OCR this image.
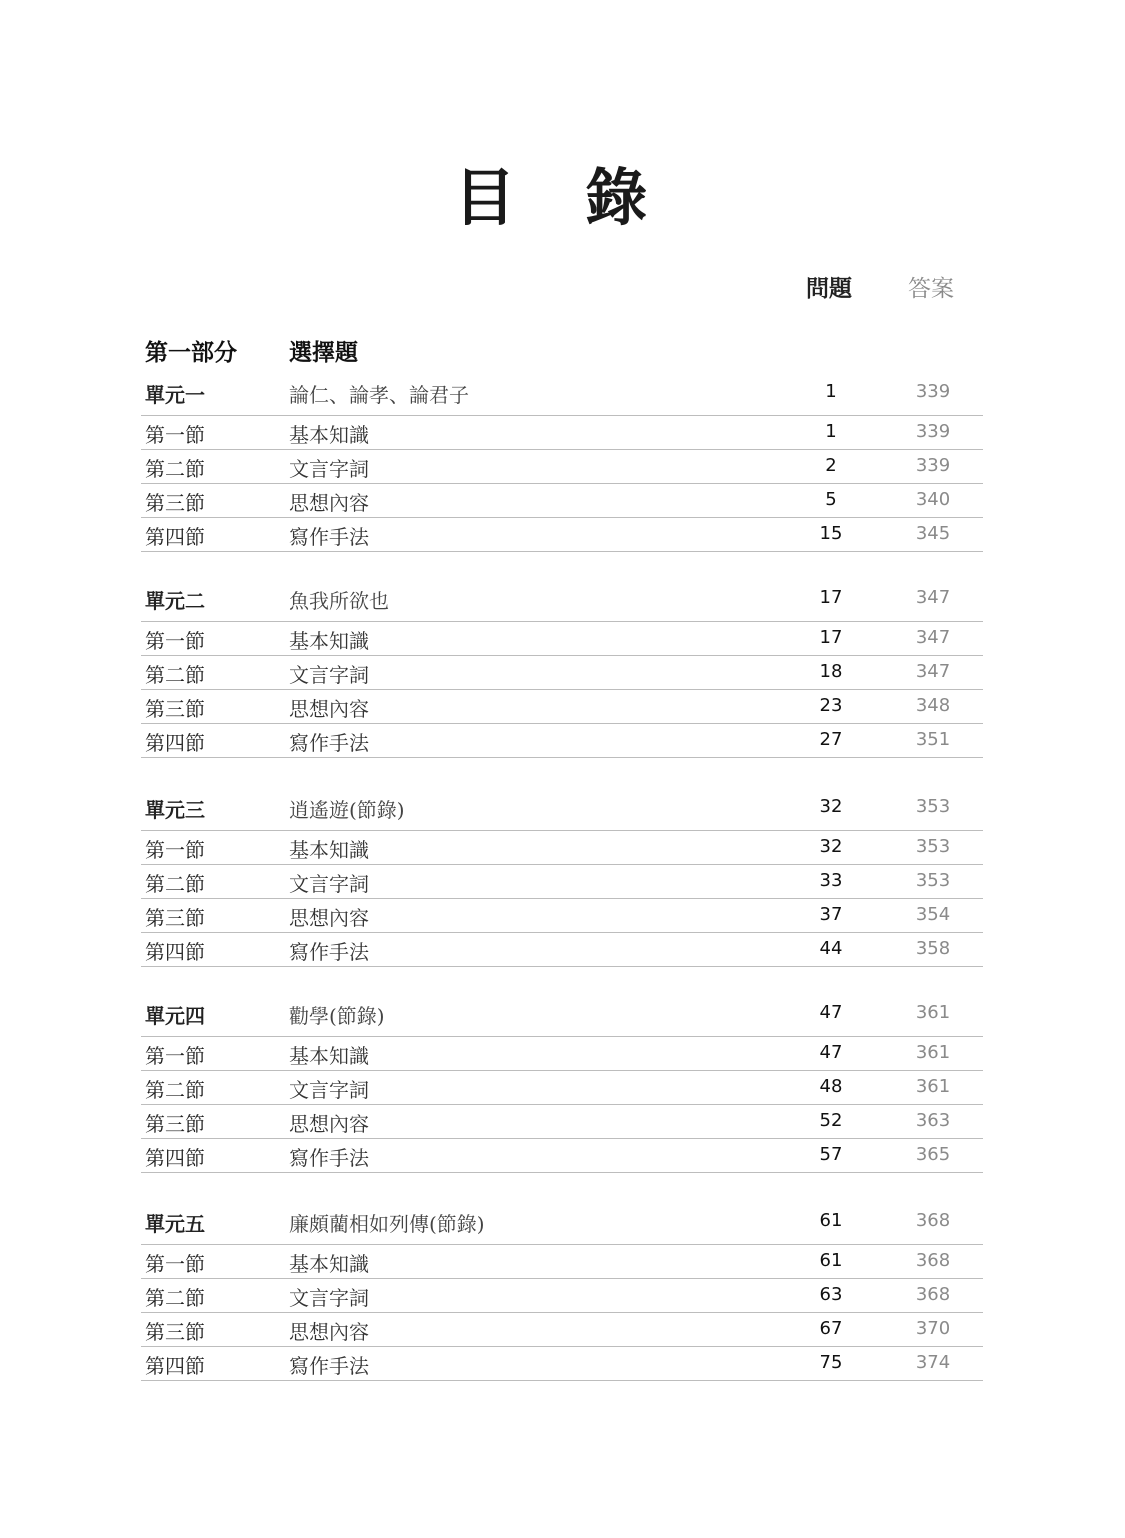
目 錄
問題 答案
第一部分 選擇題
單元一	論仁、論孝、論君子	1	339
第一節	基本知識	1	339
第二節	文言字詞	2	339
第三節	思想內容	5	340
第四節	寫作手法	15	345
單元二	魚我所欲也	17	347
第一節	基本知識	17	347
第二節	文言字詞	18	347
第三節	思想內容	23	348
第四節	寫作手法	27	351
單元三	逍遙遊(節錄)	32	353
第一節	基本知識	32	353
第二節	文言字詞	33	353
第三節	思想內容	37	354
第四節	寫作手法	44	358
單元四	勸學(節錄)	47	361
第一節	基本知識	47	361
第二節	文言字詞	48	361
第三節	思想內容	52	363
第四節	寫作手法	57	365
單元五	廉頗藺相如列傳(節錄)	61	368
第一節	基本知識	61	368
第二節	文言字詞	63	368
第三節	思想內容	67	370
第四節	寫作手法	75	374
